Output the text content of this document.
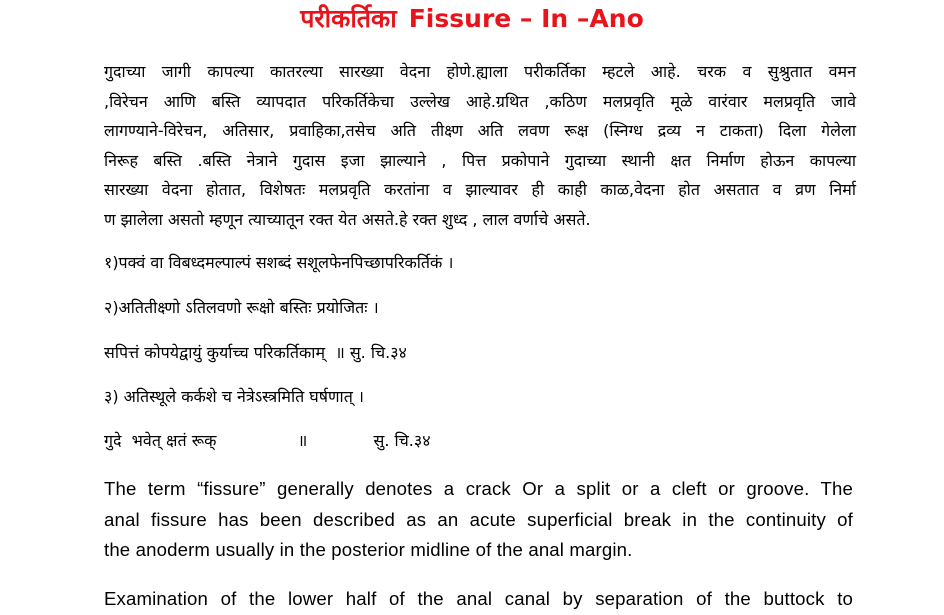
परीकर्तिका Fissure – In –Ano
गुदाच्या जागी कापल्या कातरल्या सारख्या वेदना होणे.ह्याला परीकर्तिका म्हटले आहे. चरक व सुश्रुतात वमन
,विरेचन आणि बस्ति व्यापदात परिकर्तिकेचा उल्लेख आहे.ग्रथित ,कठिण मलप्रवृति मूळे वारंवार मलप्रवृति जावे
लागण्याने-विरेचन, अतिसार, प्रवाहिका,तसेच अति तीक्ष्ण अति लवण रूक्ष (स्निग्ध द्रव्य न टाकता) दिला गेलेला
निरूह बस्ति .बस्ति नेत्राने गुदास इजा झाल्याने , पित्त प्रकोपाने गुदाच्या स्थानी क्षत निर्माण होऊन कापल्या
सारख्या वेदना होतात, विशेषतः मलप्रवृति करतांना व झाल्यावर ही काही काळ,वेदना होत असतात व व्रण निर्मा
ण झालेला असतो म्हणून त्याच्यातून रक्त येत असते.हे रक्त शुध्द , लाल वर्णाचे असते.
१)पक्वं वा विबध्दमल्पाल्पं सशब्दं सशूलफेनपिच्छापरिकर्तिकं ।
२)अतितीक्ष्णो ऽतिलवणो रूक्षो बस्तिः प्रयोजितः ।
सपित्तं कोपयेद्वायुं कुर्याच्च परिकर्तिकाम्  ॥ सु. चि.३४
३) अतिस्थूले कर्कशे च नेत्रेऽस्त्रमिति घर्षणात् ।
गुदे  भवेत् क्षतं रूक्                ॥             सु. चि.३४
The term “fissure” generally denotes a crack Or a split or a cleft or groove. The
anal fissure has been described as an acute superficial break in the continuity of
the anoderm usually in the posterior midline of the anal margin.
Examination of the lower half of the anal canal by separation of the buttock to
